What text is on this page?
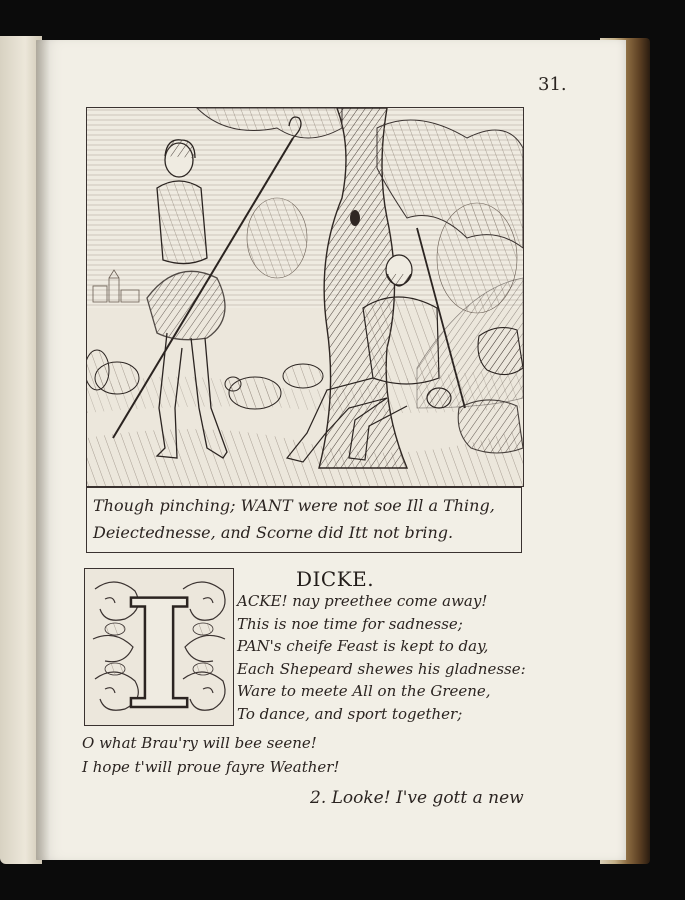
31.
Though pinching; WANT were not soe Ill a Thing,
Deiectednesse, and Scorne did Itt not bring.
DICKE.
I	ACKE! nay preethee come away!
This is noe time for sadnesse;
PAN's cheife Feast is kept to day,
Each Shepeard shewes his gladnesse:
Ware to meete All on the Greene,
To dance, and sport together;
O what Brau'ry will bee seene!
I hope t'will proue fayre Weather!
2. Looke! I've gott a new
